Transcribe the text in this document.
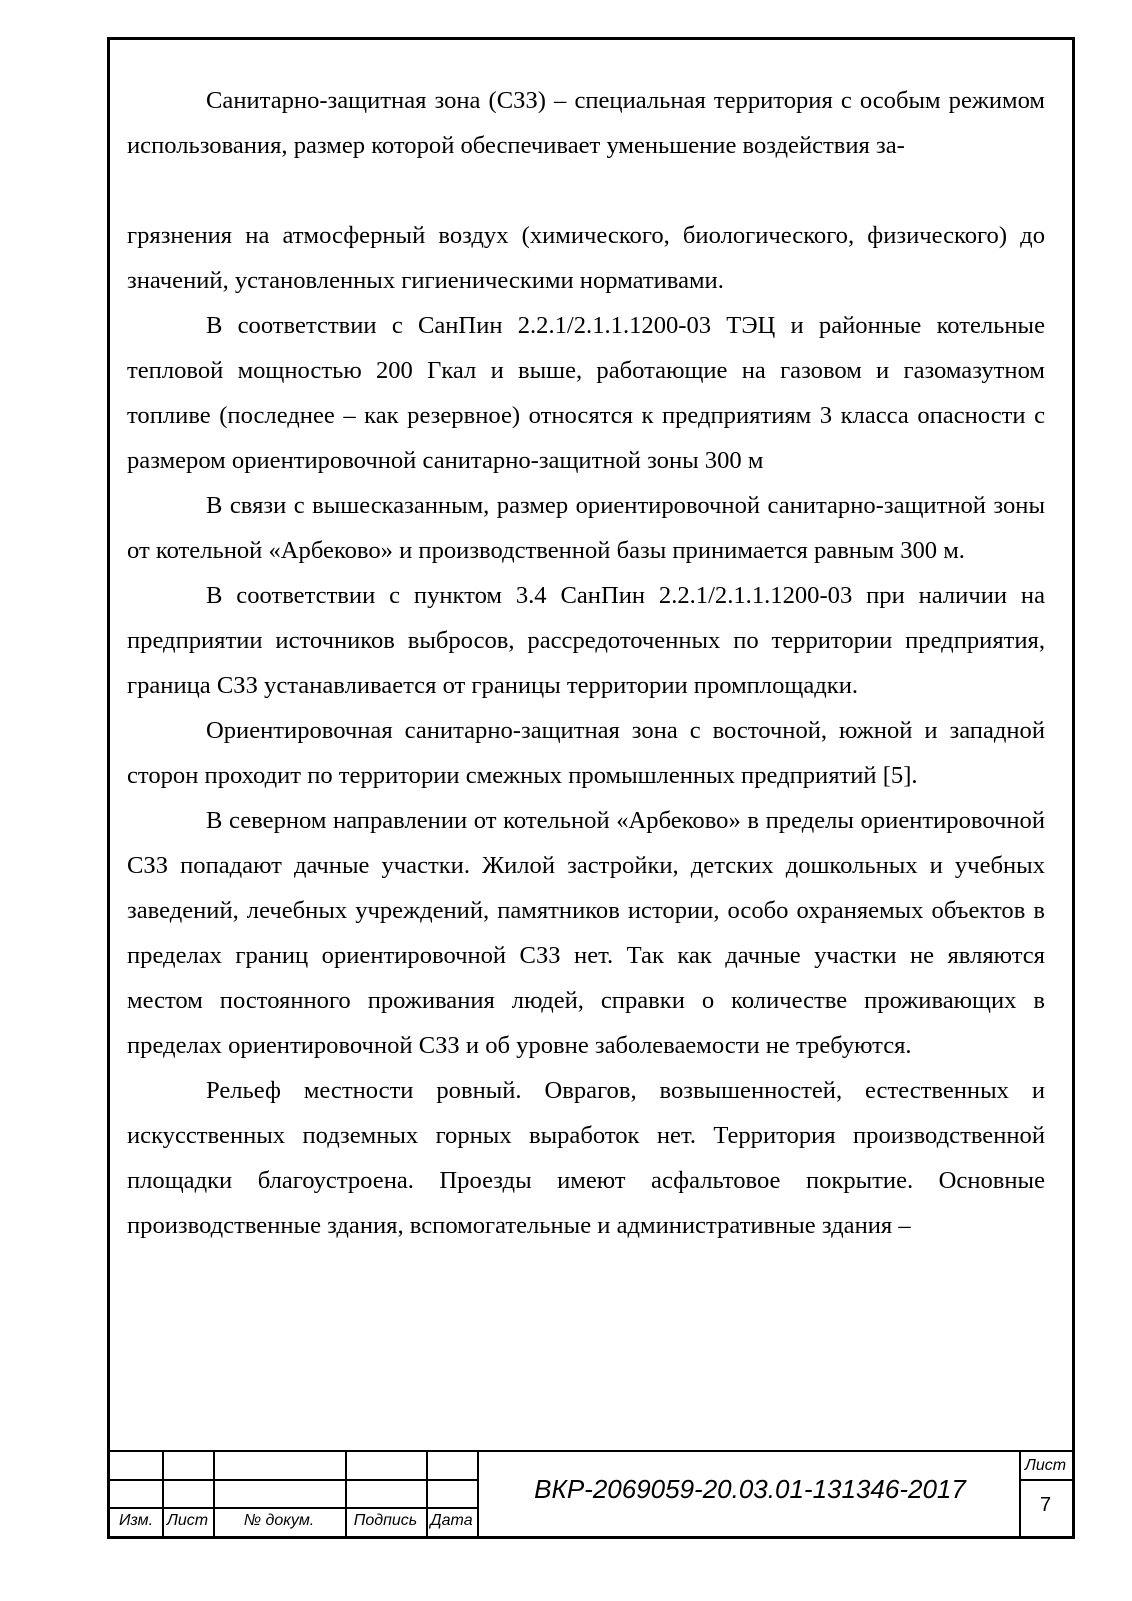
Санитарно-защитная зона (СЗЗ) – специальная территория с особым режимом использования, размер которой обеспечивает уменьшение воздействия за-

грязнения на атмосферный воздух (химического, биологического, физического) до значений, установленных гигиеническими нормативами.

В соответствии с СанПин 2.2.1/2.1.1.1200-03 ТЭЦ и районные котельные тепловой мощностью 200 Гкал и выше, работающие на газовом и газомазутном топливе (последнее – как резервное) относятся к предприятиям 3 класса опасности с размером ориентировочной санитарно-защитной зоны 300 м

В связи с вышесказанным, размер ориентировочной санитарно-защитной зоны от котельной «Арбеково» и производственной базы принимается равным 300 м.

В соответствии с пунктом 3.4 СанПин 2.2.1/2.1.1.1200-03 при наличии на предприятии источников выбросов, рассредоточенных по территории предприятия, граница СЗЗ устанавливается от границы территории промплощадки.

Ориентировочная санитарно-защитная зона с восточной, южной и западной сторон проходит по территории смежных промышленных предприятий [5].

В северном направлении от котельной «Арбеково» в пределы ориентировочной СЗЗ попадают дачные участки. Жилой застройки, детских дошкольных и учебных заведений, лечебных учреждений, памятников истории, особо охраняемых объектов в пределах границ ориентировочной СЗЗ нет. Так как дачные участки не являются местом постоянного проживания людей, справки о количестве проживающих в пределах ориентировочной СЗЗ и об уровне заболеваемости не требуются.

Рельеф местности ровный. Оврагов, возвышенностей, естественных и искусственных подземных горных выработок нет. Территория производственной площадки благоустроена. Проезды имеют асфальтовое покрытие. Основные производственные здания, вспомогательные и административные здания –

Изм. Лист	№ докум.	Подпись Дата
ВКР-2069059-20.03.01-131346-2017
Лист
7
